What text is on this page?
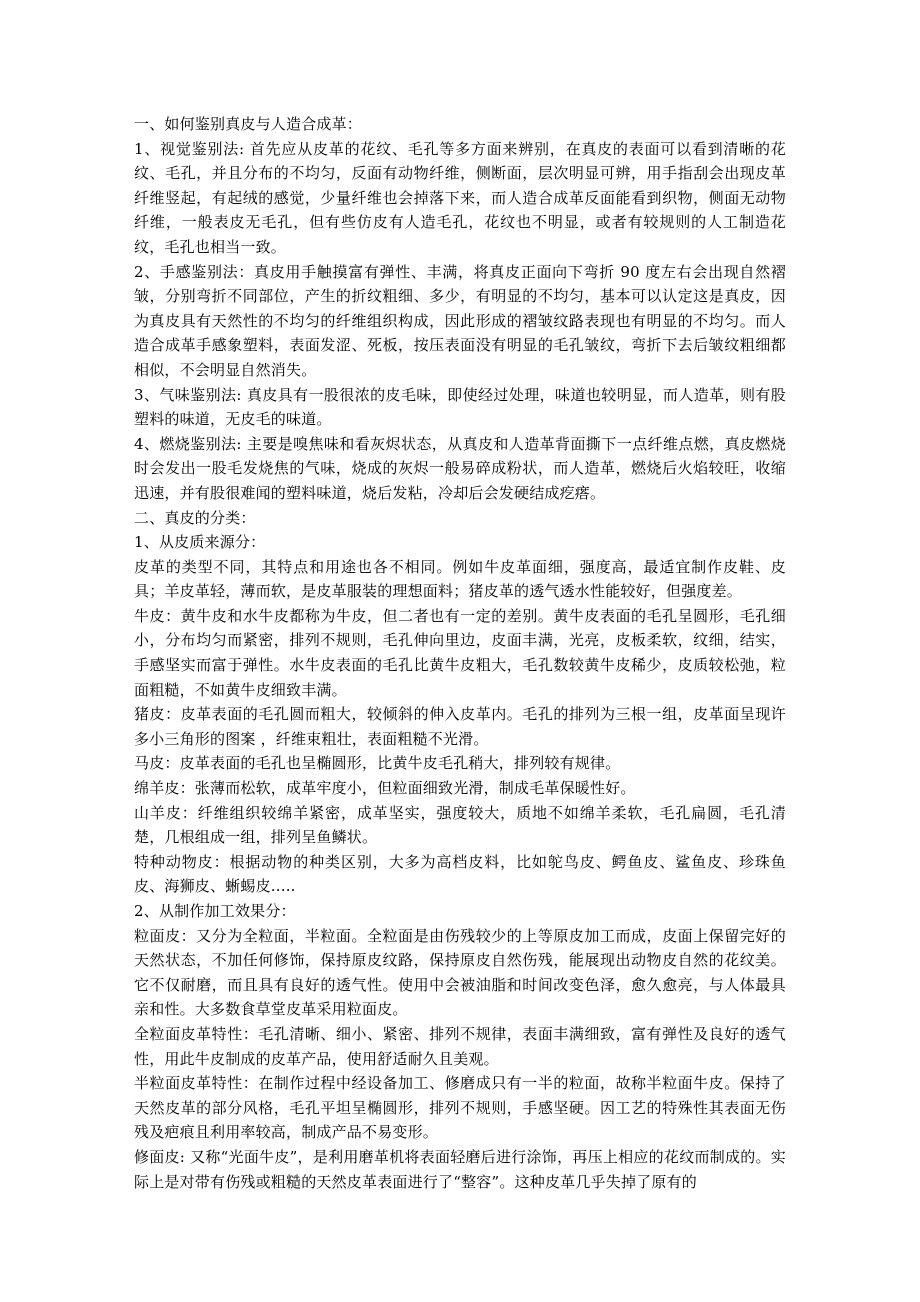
一、如何鉴别真皮与人造合成革：

1、视觉鉴别法: 首先应从皮革的花纹、毛孔等多方面来辨别，在真皮的表面可以看到清晰的花纹、毛孔，并且分布的不均匀，反面有动物纤维，侧断面，层次明显可辨，用手指刮会出现皮革纤维竖起，有起绒的感觉，少量纤维也会掉落下来，而人造合成革反面能看到织物，侧面无动物纤维，一般表皮无毛孔，但有些仿皮有人造毛孔，花纹也不明显，或者有较规则的人工制造花纹，毛孔也相当一致。

2、手感鉴别法：真皮用手触摸富有弹性、丰满，将真皮正面向下弯折 90 度左右会出现自然褶皱，分别弯折不同部位，产生的折纹粗细、多少，有明显的不均匀，基本可以认定这是真皮，因为真皮具有天然性的不均匀的纤维组织构成，因此形成的褶皱纹路表现也有明显的不均匀。而人造合成革手感象塑料，表面发涩、死板，按压表面没有明显的毛孔皱纹，弯折下去后皱纹粗细都相似，不会明显自然消失。

3、气味鉴别法: 真皮具有一股很浓的皮毛味，即使经过处理，味道也较明显，而人造革，则有股塑料的味道，无皮毛的味道。

4、燃烧鉴别法: 主要是嗅焦味和看灰烬状态，从真皮和人造革背面撕下一点纤维点燃，真皮燃烧时会发出一股毛发烧焦的气味，烧成的灰烬一般易碎成粉状，而人造革，燃烧后火焰较旺，收缩迅速，并有股很难闻的塑料味道，烧后发粘，冷却后会发硬结成疙瘩。

二、真皮的分类：

1、从皮质来源分：

皮革的类型不同，其特点和用途也各不相同。例如牛皮革面细，强度高，最适宜制作皮鞋、皮具；羊皮革轻，薄而软，是皮革服装的理想面料；猪皮革的透气透水性能较好，但强度差。

牛皮：黄牛皮和水牛皮都称为牛皮，但二者也有一定的差别。黄牛皮表面的毛孔呈圆形，毛孔细小，分布均匀而紧密，排列不规则，毛孔伸向里边，皮面丰满，光亮，皮板柔软，纹细，结实，手感坚实而富于弹性。水牛皮表面的毛孔比黄牛皮粗大，毛孔数较黄牛皮稀少，皮质较松弛，粒面粗糙，不如黄牛皮细致丰满。

猪皮：皮革表面的毛孔圆而粗大，较倾斜的伸入皮革内。毛孔的排列为三根一组，皮革面呈现许多小三角形的图案 ，纤维束粗壮，表面粗糙不光滑。

马皮：皮革表面的毛孔也呈椭圆形，比黄牛皮毛孔稍大，排列较有规律。

绵羊皮：张薄而松软，成革牢度小，但粒面细致光滑，制成毛革保暖性好。

山羊皮：纤维组织较绵羊紧密，成革坚实，强度较大，质地不如绵羊柔软，毛孔扁圆，毛孔清楚，几根组成一组，排列呈鱼鳞状。

特种动物皮：根据动物的种类区别，大多为高档皮料，比如鸵鸟皮、鳄鱼皮、鲨鱼皮、珍珠鱼皮、海狮皮、蜥蜴皮.....

2、从制作加工效果分：

粒面皮：又分为全粒面，半粒面。全粒面是由伤残较少的上等原皮加工而成，皮面上保留完好的天然状态，不加任何修饰，保持原皮纹路，保持原皮自然伤残，能展现出动物皮自然的花纹美。它不仅耐磨，而且具有良好的透气性。使用中会被油脂和时间改变色泽，愈久愈亮，与人体最具亲和性。大多数食草堂皮革采用粒面皮。

全粒面皮革特性：毛孔清晰、细小、紧密、排列不规律，表面丰满细致，富有弹性及良好的透气性，用此牛皮制成的皮革产品，使用舒适耐久且美观。

半粒面皮革特性：在制作过程中经设备加工、修磨成只有一半的粒面，故称半粒面牛皮。保持了天然皮革的部分风格，毛孔平坦呈椭圆形，排列不规则，手感坚硬。因工艺的特殊性其表面无伤残及疤痕且利用率较高，制成产品不易变形。

修面皮: 又称“光面牛皮”，是利用磨革机将表面轻磨后进行涂饰，再压上相应的花纹而制成的。实际上是对带有伤残或粗糙的天然皮革表面进行了“整容”。这种皮革几乎失掉了原有的
